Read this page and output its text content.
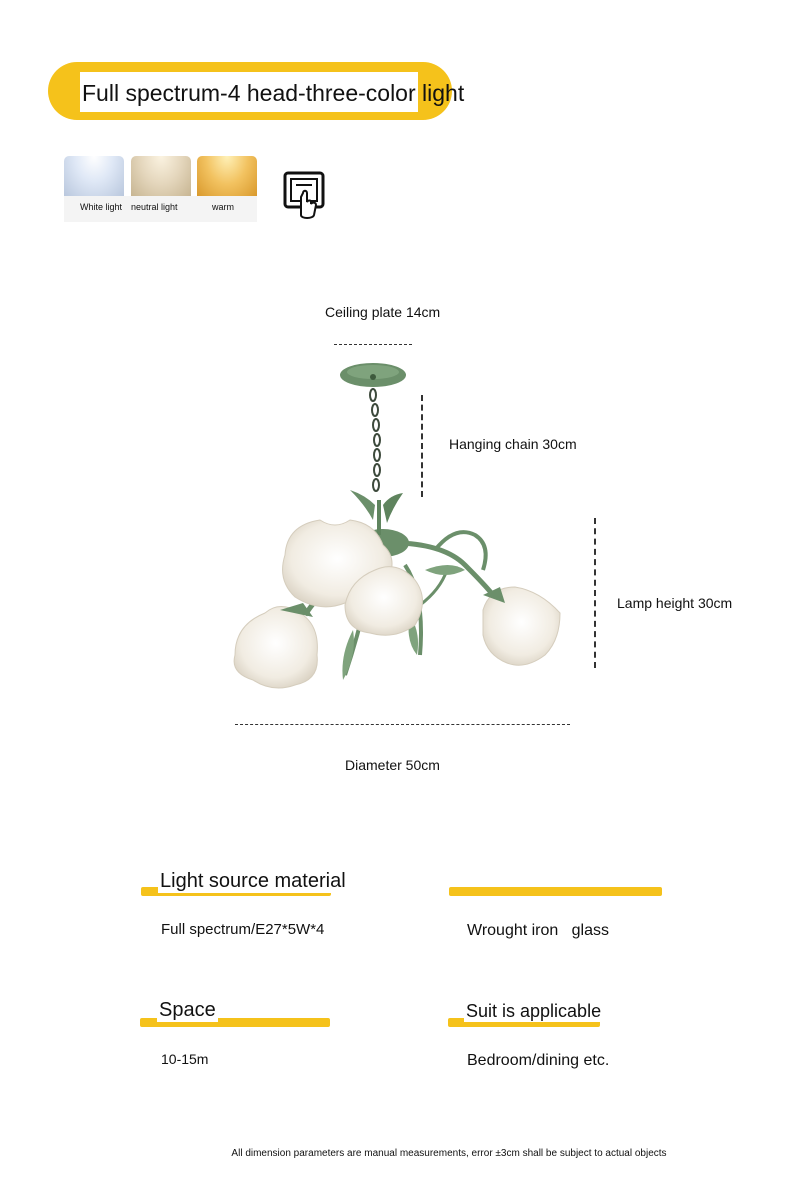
Full spectrum-4 head-three-color light
White light neutral light	warm
Ceiling plate 14cm
Hanging chain 30cm
Lamp height 30cm
Diameter 50cm
Light source material
Full spectrum/E27*5W*4	Wrought iron   glass
Space
10-15m
Suit is applicable
Bedroom/dining etc.
All dimension parameters are manual measurements, error ±3cm shall be subject to actual objects
